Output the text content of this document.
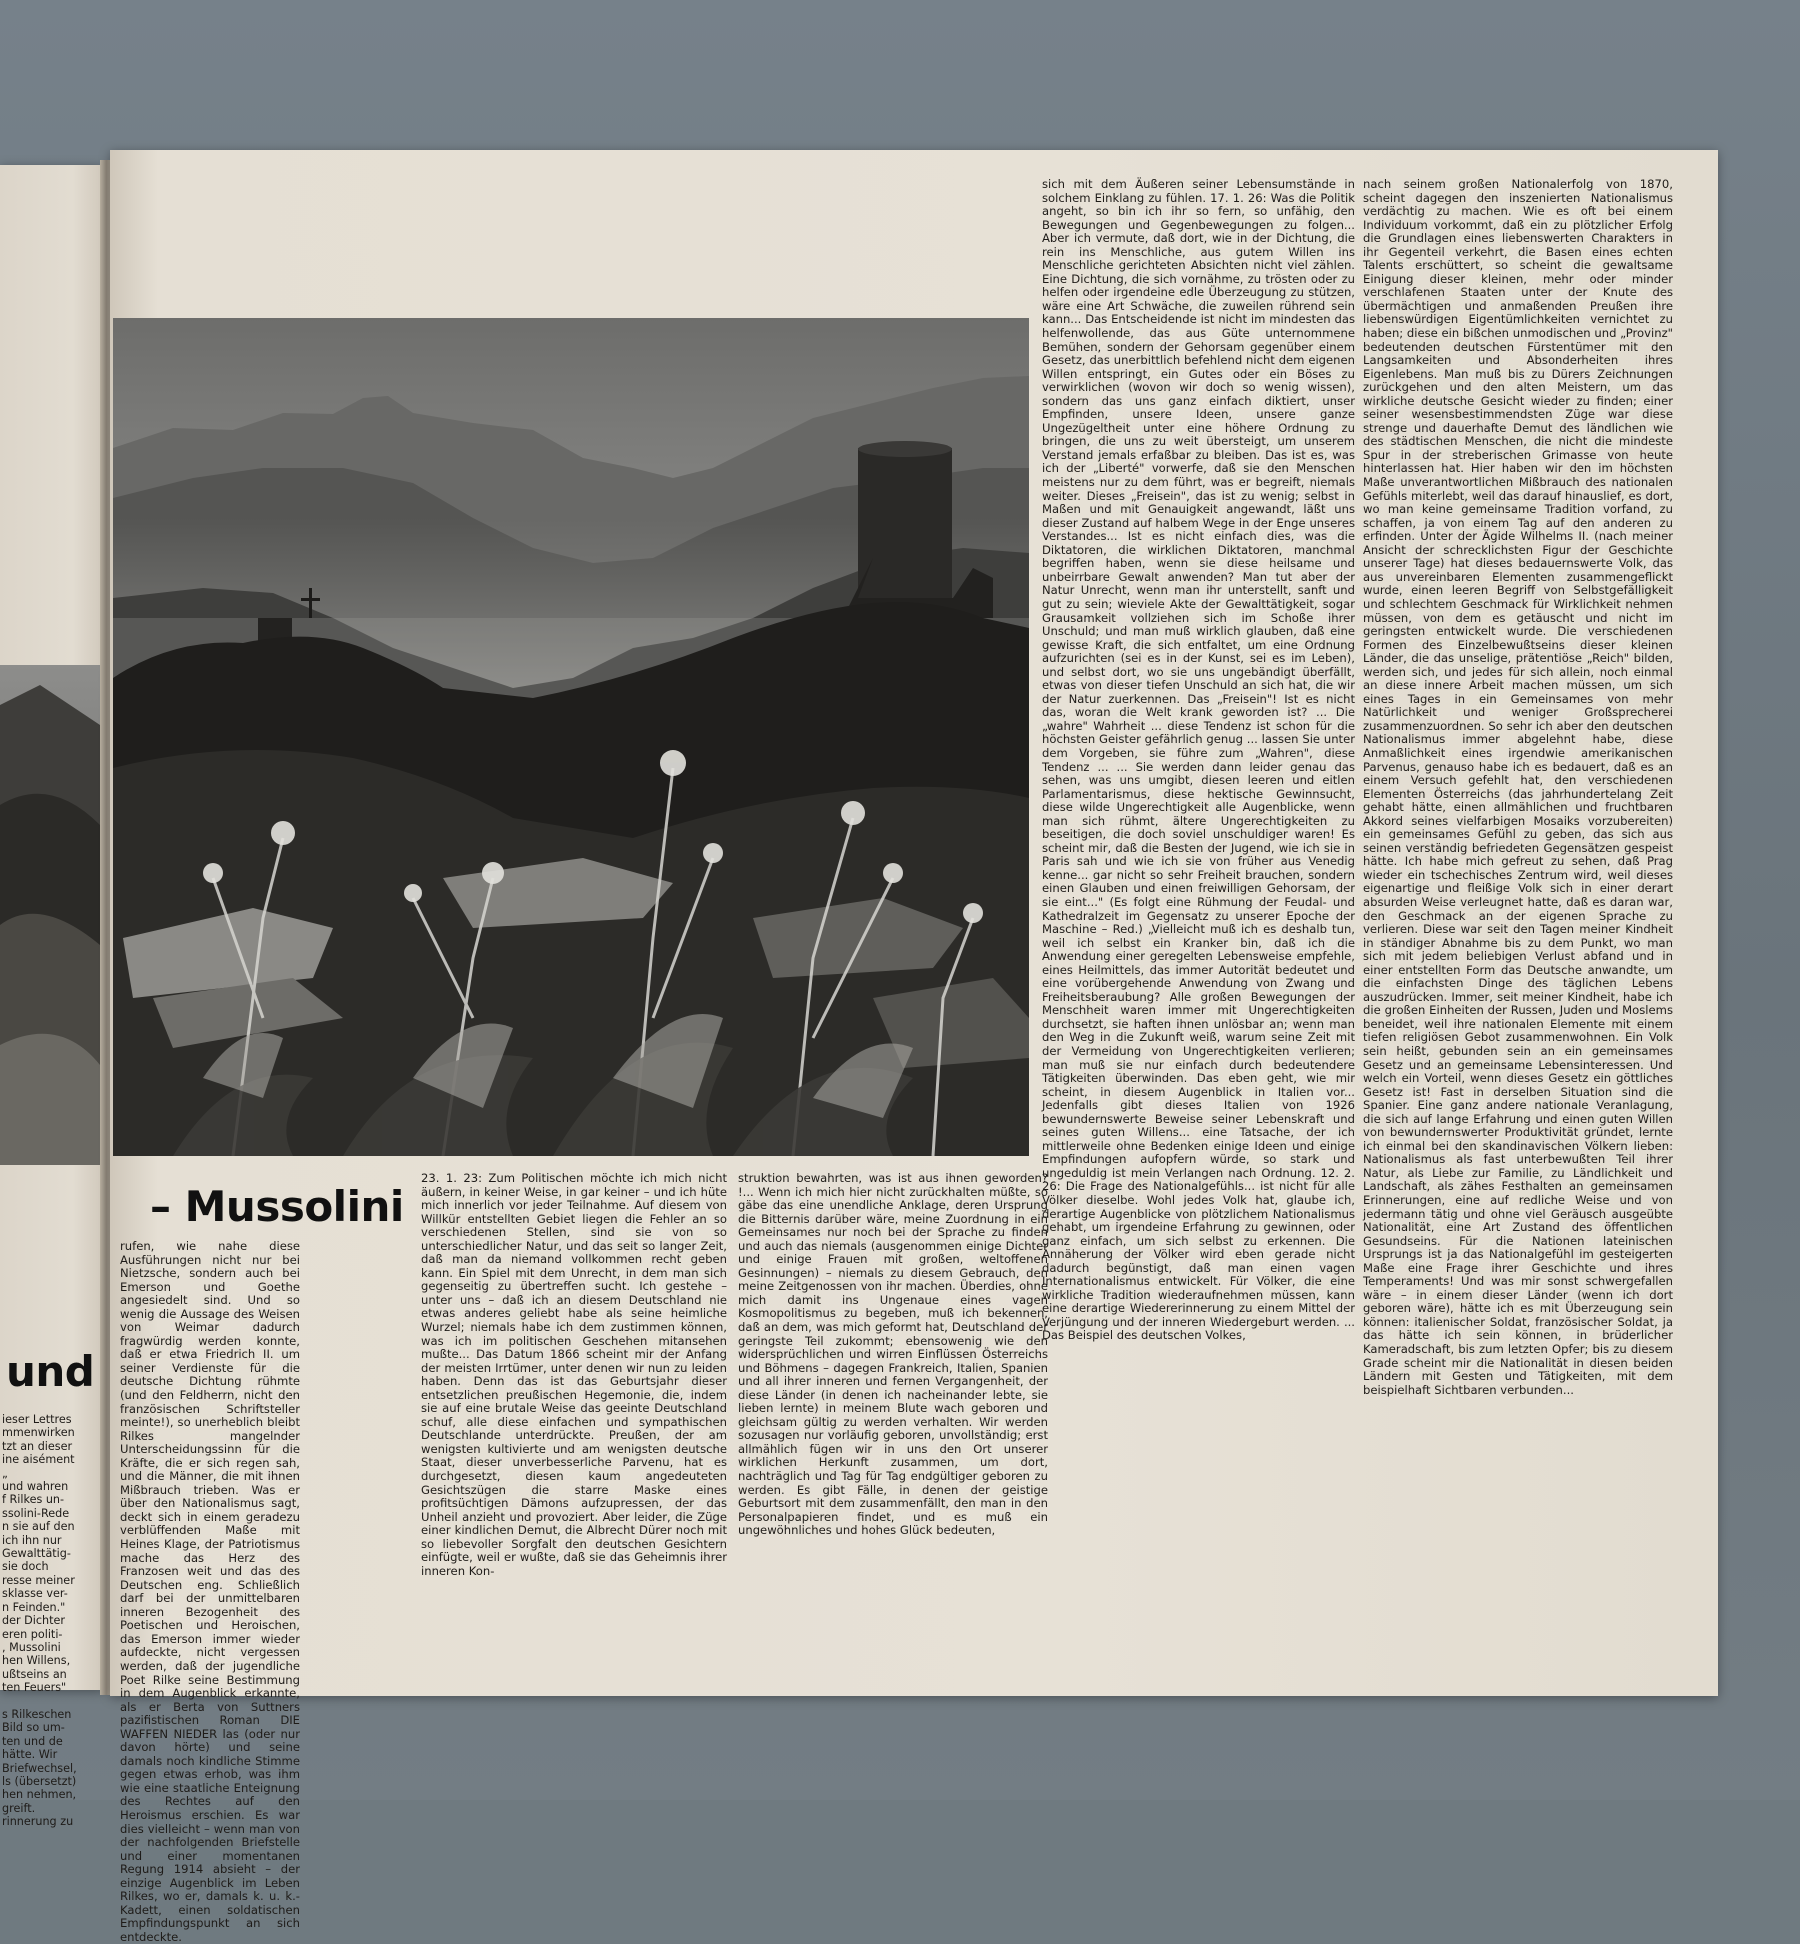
und
ieser Lettres
mmenwirken
tzt an dieser
ine aisément
„
und wahren
f Rilkes un-
ssolini-Rede
n sie auf den
ich ihn nur
Gewalttätig-
sie doch
resse meiner
sklasse ver-
n Feinden."
der Dichter
eren politi-
, Mussolini
hen Willens,
ußtseins an
ten Feuers"

s Rilkeschen
Bild so um-
ten und de
hätte. Wir
Briefwechsel,
ls (übersetzt)
hen nehmen,
greift.
rinnerung zu
– Mussolini

rufen, wie nahe diese Ausführungen nicht nur bei Nietzsche, sondern auch bei Emerson und Goethe angesiedelt sind. Und so wenig die Aussage des Weisen von Weimar dadurch fragwürdig werden konnte, daß er etwa Friedrich II. um seiner Verdienste für die deutsche Dichtung rühmte (und den Feldherrn, nicht den französischen Schriftsteller meinte!), so unerheblich bleibt Rilkes mangelnder Unterscheidungssinn für die Kräfte, die er sich regen sah, und die Männer, die mit ihnen Mißbrauch trieben. Was er über den Nationalismus sagt, deckt sich in einem geradezu verblüffenden Maße mit Heines Klage, der Patriotismus mache das Herz des Franzosen weit und das des Deutschen eng. Schließlich darf bei der unmittelbaren inneren Bezogenheit des Poetischen und Heroischen, das Emerson immer wieder aufdeckte, nicht vergessen werden, daß der jugendliche Poet Rilke seine Bestimmung in dem Augenblick erkannte, als er Berta von Suttners pazifistischen Roman DIE WAFFEN NIEDER las (oder nur davon hörte) und seine damals noch kindliche Stimme gegen etwas erhob, was ihm wie eine staatliche Enteignung des Rechtes auf den Heroismus erschien. Es war dies vielleicht – wenn man von der nachfolgenden Briefstelle und einer momentanen Regung 1914 absieht – der einzige Augenblick im Leben Rilkes, wo er, damals k. u. k.-Kadett, einen soldatischen Empfindungspunkt an sich entdeckte.

23. 1. 23: Zum Politischen möchte ich mich nicht äußern, in keiner Weise, in gar keiner – und ich hüte mich innerlich vor jeder Teilnahme. Auf diesem von Willkür entstellten Gebiet liegen die Fehler an so verschiedenen Stellen, sind sie von so unterschiedlicher Natur, und das seit so langer Zeit, daß man da niemand vollkommen recht geben kann. Ein Spiel mit dem Unrecht, in dem man sich gegenseitig zu übertreffen sucht. Ich gestehe – unter uns – daß ich an diesem Deutschland nie etwas anderes geliebt habe als seine heimliche Wurzel; niemals habe ich dem zustimmen können, was ich im politischen Geschehen mitansehen mußte... Das Datum 1866 scheint mir der Anfang der meisten Irrtümer, unter denen wir nun zu leiden haben. Denn das ist das Geburtsjahr dieser entsetzlichen preußischen Hegemonie, die, indem sie auf eine brutale Weise das geeinte Deutschland schuf, alle diese einfachen und sympathischen Deutschlande unterdrückte. Preußen, der am wenigsten kultivierte und am wenigsten deutsche Staat, dieser unverbesserliche Parvenu, hat es durchgesetzt, diesen kaum angedeuteten Gesichtszügen die starre Maske eines profitsüchtigen Dämons aufzupressen, der das Unheil anzieht und provoziert. Aber leider, die Züge einer kindlichen Demut, die Albrecht Dürer noch mit so liebevoller Sorgfalt den deutschen Gesichtern einfügte, weil er wußte, daß sie das Geheimnis ihrer inneren Kon-

struktion bewahrten, was ist aus ihnen geworden? !... Wenn ich mich hier nicht zurückhalten müßte, so gäbe das eine unendliche Anklage, deren Ursprung die Bitternis darüber wäre, meine Zuordnung in ein Gemeinsames nur noch bei der Sprache zu finden und auch das niemals (ausgenommen einige Dichter und einige Frauen mit großen, weltoffenen Gesinnungen) – niemals zu diesem Gebrauch, den meine Zeitgenossen von ihr machen. Überdies, ohne mich damit ins Ungenaue eines vagen Kosmopolitismus zu begeben, muß ich bekennen, daß an dem, was mich geformt hat, Deutschland der geringste Teil zukommt; ebensowenig wie den widersprüchlichen und wirren Einflüssen Österreichs und Böhmens – dagegen Frankreich, Italien, Spanien und all ihrer inneren und fernen Vergangenheit, der diese Länder (in denen ich nacheinander lebte, sie lieben lernte) in meinem Blute wach geboren und gleichsam gültig zu werden verhalten. Wir werden sozusagen nur vorläufig geboren, unvollständig; erst allmählich fügen wir in uns den Ort unserer wirklichen Herkunft zusammen, um dort, nachträglich und Tag für Tag endgültiger geboren zu werden. Es gibt Fälle, in denen der geistige Geburtsort mit dem zusammenfällt, den man in den Personalpapieren findet, und es muß ein ungewöhnliches und hohes Glück bedeuten,

sich mit dem Äußeren seiner Lebensumstände in solchem Einklang zu fühlen. 17. 1. 26: Was die Politik angeht, so bin ich ihr so fern, so unfähig, den Bewegungen und Gegenbewegungen zu folgen... Aber ich vermute, daß dort, wie in der Dichtung, die rein ins Menschliche, aus gutem Willen ins Menschliche gerichteten Absichten nicht viel zählen. Eine Dichtung, die sich vornähme, zu trösten oder zu helfen oder irgendeine edle Überzeugung zu stützen, wäre eine Art Schwäche, die zuweilen rührend sein kann... Das Entscheidende ist nicht im mindesten das helfenwollende, das aus Güte unternommene Bemühen, sondern der Gehorsam gegenüber einem Gesetz, das unerbittlich befehlend nicht dem eigenen Willen entspringt, ein Gutes oder ein Böses zu verwirklichen (wovon wir doch so wenig wissen), sondern das uns ganz einfach diktiert, unser Empfinden, unsere Ideen, unsere ganze Ungezügeltheit unter eine höhere Ordnung zu bringen, die uns zu weit übersteigt, um unserem Verstand jemals erfaßbar zu bleiben. Das ist es, was ich der „Liberté" vorwerfe, daß sie den Menschen meistens nur zu dem führt, was er begreift, niemals weiter. Dieses „Freisein", das ist zu wenig; selbst in Maßen und mit Genauigkeit angewandt, läßt uns dieser Zustand auf halbem Wege in der Enge unseres Verstandes... Ist es nicht einfach dies, was die Diktatoren, die wirklichen Diktatoren, manchmal begriffen haben, wenn sie diese heilsame und unbeirrbare Gewalt anwenden? Man tut aber der Natur Unrecht, wenn man ihr unterstellt, sanft und gut zu sein; wieviele Akte der Gewalttätigkeit, sogar Grausamkeit vollziehen sich im Schoße ihrer Unschuld; und man muß wirklich glauben, daß eine gewisse Kraft, die sich entfaltet, um eine Ordnung aufzurichten (sei es in der Kunst, sei es im Leben), und selbst dort, wo sie uns ungebändigt überfällt, etwas von dieser tiefen Unschuld an sich hat, die wir der Natur zuerkennen. Das „Freisein"! Ist es nicht das, woran die Welt krank geworden ist? ... Die „wahre" Wahrheit ... diese Tendenz ist schon für die höchsten Geister gefährlich genug ... lassen Sie unter dem Vorgeben, sie führe zum „Wahren", diese Tendenz ... ... Sie werden dann leider genau das sehen, was uns umgibt, diesen leeren und eitlen Parlamentarismus, diese hektische Gewinnsucht, diese wilde Ungerechtigkeit alle Augenblicke, wenn man sich rühmt, ältere Ungerechtigkeiten zu beseitigen, die doch soviel unschuldiger waren! Es scheint mir, daß die Besten der Jugend, wie ich sie in Paris sah und wie ich sie von früher aus Venedig kenne... gar nicht so sehr Freiheit brauchen, sondern einen Glauben und einen freiwilligen Gehorsam, der sie eint..." (Es folgt eine Rühmung der Feudal- und Kathedralzeit im Gegensatz zu unserer Epoche der Maschine – Red.) „Vielleicht muß ich es deshalb tun, weil ich selbst ein Kranker bin, daß ich die Anwendung einer geregelten Lebensweise empfehle, eines Heilmittels, das immer Autorität bedeutet und eine vorübergehende Anwendung von Zwang und Freiheitsberaubung? Alle großen Bewegungen der Menschheit waren immer mit Ungerechtigkeiten durchsetzt, sie haften ihnen unlösbar an; wenn man den Weg in die Zukunft weiß, warum seine Zeit mit der Vermeidung von Ungerechtigkeiten verlieren; man muß sie nur einfach durch bedeutendere Tätigkeiten überwinden. Das eben geht, wie mir scheint, in diesem Augenblick in Italien vor... Jedenfalls gibt dieses Italien von 1926 bewundernswerte Beweise seiner Lebenskraft und seines guten Willens... eine Tatsache, der ich mittlerweile ohne Bedenken einige Ideen und einige Empfindungen aufopfern würde, so stark und ungeduldig ist mein Verlangen nach Ordnung. 12. 2. 26: Die Frage des Nationalgefühls... ist nicht für alle Völker dieselbe. Wohl jedes Volk hat, glaube ich, derartige Augenblicke von plötzlichem Nationalismus gehabt, um irgendeine Erfahrung zu gewinnen, oder ganz einfach, um sich selbst zu erkennen. Die Annäherung der Völker wird eben gerade nicht dadurch begünstigt, daß man einen vagen Internationalismus entwickelt. Für Völker, die eine wirkliche Tradition wiederaufnehmen müssen, kann eine derartige Wiedererinnerung zu einem Mittel der Verjüngung und der inneren Wiedergeburt werden. ... Das Beispiel des deutschen Volkes,

nach seinem großen Nationalerfolg von 1870, scheint dagegen den inszenierten Nationalismus verdächtig zu machen. Wie es oft bei einem Individuum vorkommt, daß ein zu plötzlicher Erfolg die Grundlagen eines liebenswerten Charakters in ihr Gegenteil verkehrt, die Basen eines echten Talents erschüttert, so scheint die gewaltsame Einigung dieser kleinen, mehr oder minder verschlafenen Staaten unter der Knute des übermächtigen und anmaßenden Preußen ihre liebenswürdigen Eigentümlichkeiten vernichtet zu haben; diese ein bißchen unmodischen und „Provinz" bedeutenden deutschen Fürstentümer mit den Langsamkeiten und Absonderheiten ihres Eigenlebens. Man muß bis zu Dürers Zeichnungen zurückgehen und den alten Meistern, um das wirkliche deutsche Gesicht wieder zu finden; einer seiner wesensbestimmendsten Züge war diese strenge und dauerhafte Demut des ländlichen wie des städtischen Menschen, die nicht die mindeste Spur in der streberischen Grimasse von heute hinterlassen hat. Hier haben wir den im höchsten Maße unverantwortlichen Mißbrauch des nationalen Gefühls miterlebt, weil das darauf hinauslief, es dort, wo man keine gemeinsame Tradition vorfand, zu schaffen, ja von einem Tag auf den anderen zu erfinden. Unter der Ägide Wilhelms II. (nach meiner Ansicht der schrecklichsten Figur der Geschichte unserer Tage) hat dieses bedauernswerte Volk, das aus unvereinbaren Elementen zusammengeflickt wurde, einen leeren Begriff von Selbstgefälligkeit und schlechtem Geschmack für Wirklichkeit nehmen müssen, von dem es getäuscht und nicht im geringsten entwickelt wurde. Die verschiedenen Formen des Einzelbewußtseins dieser kleinen Länder, die das unselige, prätentiöse „Reich" bilden, werden sich, und jedes für sich allein, noch einmal an diese innere Arbeit machen müssen, um sich eines Tages in ein Gemeinsames von mehr Natürlichkeit und weniger Großsprecherei zusammenzuordnen. So sehr ich aber den deutschen Nationalismus immer abgelehnt habe, diese Anmaßlichkeit eines irgendwie amerikanischen Parvenus, genauso habe ich es bedauert, daß es an einem Versuch gefehlt hat, den verschiedenen Elementen Österreichs (das jahrhundertelang Zeit gehabt hätte, einen allmählichen und fruchtbaren Akkord seines vielfarbigen Mosaiks vorzubereiten) ein gemeinsames Gefühl zu geben, das sich aus seinen verständig befriedeten Gegensätzen gespeist hätte. Ich habe mich gefreut zu sehen, daß Prag wieder ein tschechisches Zentrum wird, weil dieses eigenartige und fleißige Volk sich in einer derart absurden Weise verleugnet hatte, daß es daran war, den Geschmack an der eigenen Sprache zu verlieren. Diese war seit den Tagen meiner Kindheit in ständiger Abnahme bis zu dem Punkt, wo man sich mit jedem beliebigen Verlust abfand und in einer entstellten Form das Deutsche anwandte, um die einfachsten Dinge des täglichen Lebens auszudrücken. Immer, seit meiner Kindheit, habe ich die großen Einheiten der Russen, Juden und Moslems beneidet, weil ihre nationalen Elemente mit einem tiefen religiösen Gebot zusammenwohnen. Ein Volk sein heißt, gebunden sein an ein gemeinsames Gesetz und an gemeinsame Lebensinteressen. Und welch ein Vorteil, wenn dieses Gesetz ein göttliches Gesetz ist! Fast in derselben Situation sind die Spanier. Eine ganz andere nationale Veranlagung, die sich auf lange Erfahrung und einen guten Willen von bewundernswerter Produktivität gründet, lernte ich einmal bei den skandinavischen Völkern lieben: Nationalismus als fast unterbewußten Teil ihrer Natur, als Liebe zur Familie, zu Ländlichkeit und Landschaft, als zähes Festhalten an gemeinsamen Erinnerungen, eine auf redliche Weise und von jedermann tätig und ohne viel Geräusch ausgeübte Nationalität, eine Art Zustand des öffentlichen Gesundseins. Für die Nationen lateinischen Ursprungs ist ja das Nationalgefühl im gesteigerten Maße eine Frage ihrer Geschichte und ihres Temperaments! Und was mir sonst schwergefallen wäre – in einem dieser Länder (wenn ich dort geboren wäre), hätte ich es mit Überzeugung sein können: italienischer Soldat, französischer Soldat, ja das hätte ich sein können, in brüderlicher Kameradschaft, bis zum letzten Opfer; bis zu diesem Grade scheint mir die Nationalität in diesen beiden Ländern mit Gesten und Tätigkeiten, mit dem beispielhaft Sichtbaren verbunden...
